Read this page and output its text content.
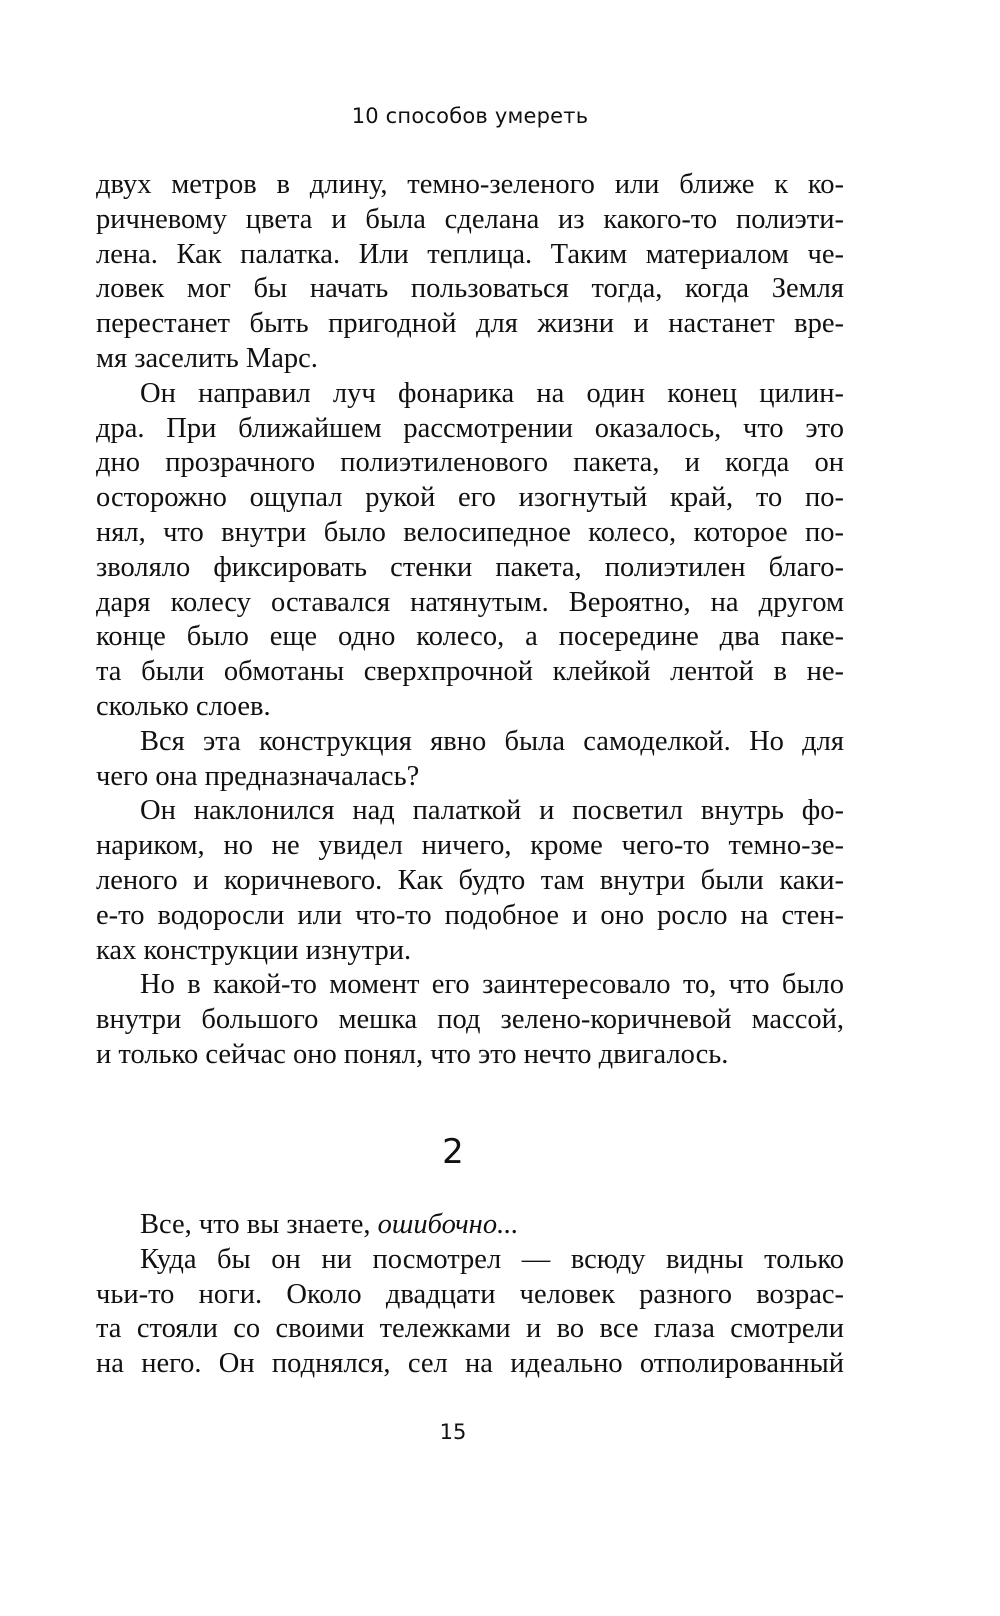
10 способов умереть
двух метров в длину, темно-зеленого или ближе к ко-
ричневому цвета и была сделана из какого-то полиэти-
лена. Как палатка. Или теплица. Таким материалом че-
ловек мог бы начать пользоваться тогда, когда Земля
перестанет быть пригодной для жизни и настанет вре-
мя заселить Марс.
Он направил луч фонарика на один конец цилин-
дра. При ближайшем рассмотрении оказалось, что это
дно прозрачного полиэтиленового пакета, и когда он
осторожно ощупал рукой его изогнутый край, то по-
нял, что внутри было велосипедное колесо, которое по-
зволяло фиксировать стенки пакета, полиэтилен благо-
даря колесу оставался натянутым. Вероятно, на другом
конце было еще одно колесо, а посередине два паке-
та были обмотаны сверхпрочной клейкой лентой в не-
сколько слоев.
Вся эта конструкция явно была самоделкой. Но для
чего она предназначалась?
Он наклонился над палаткой и посветил внутрь фо-
нариком, но не увидел ничего, кроме чего-то темно-зе-
леного и коричневого. Как будто там внутри были каки-
е-то водоросли или что-то подобное и оно росло на стен-
ках конструкции изнутри.
Но в какой-то момент его заинтересовало то, что было
внутри большого мешка под зелено-коричневой массой,
и только сейчас оно понял, что это нечто двигалось.
2
Все, что вы знаете, ошибочно...
Куда бы он ни посмотрел — всюду видны только
чьи-то ноги. Около двадцати человек разного возрас-
та стояли со своими тележками и во все глаза смотрели
на него. Он поднялся, сел на идеально отполированный
15
